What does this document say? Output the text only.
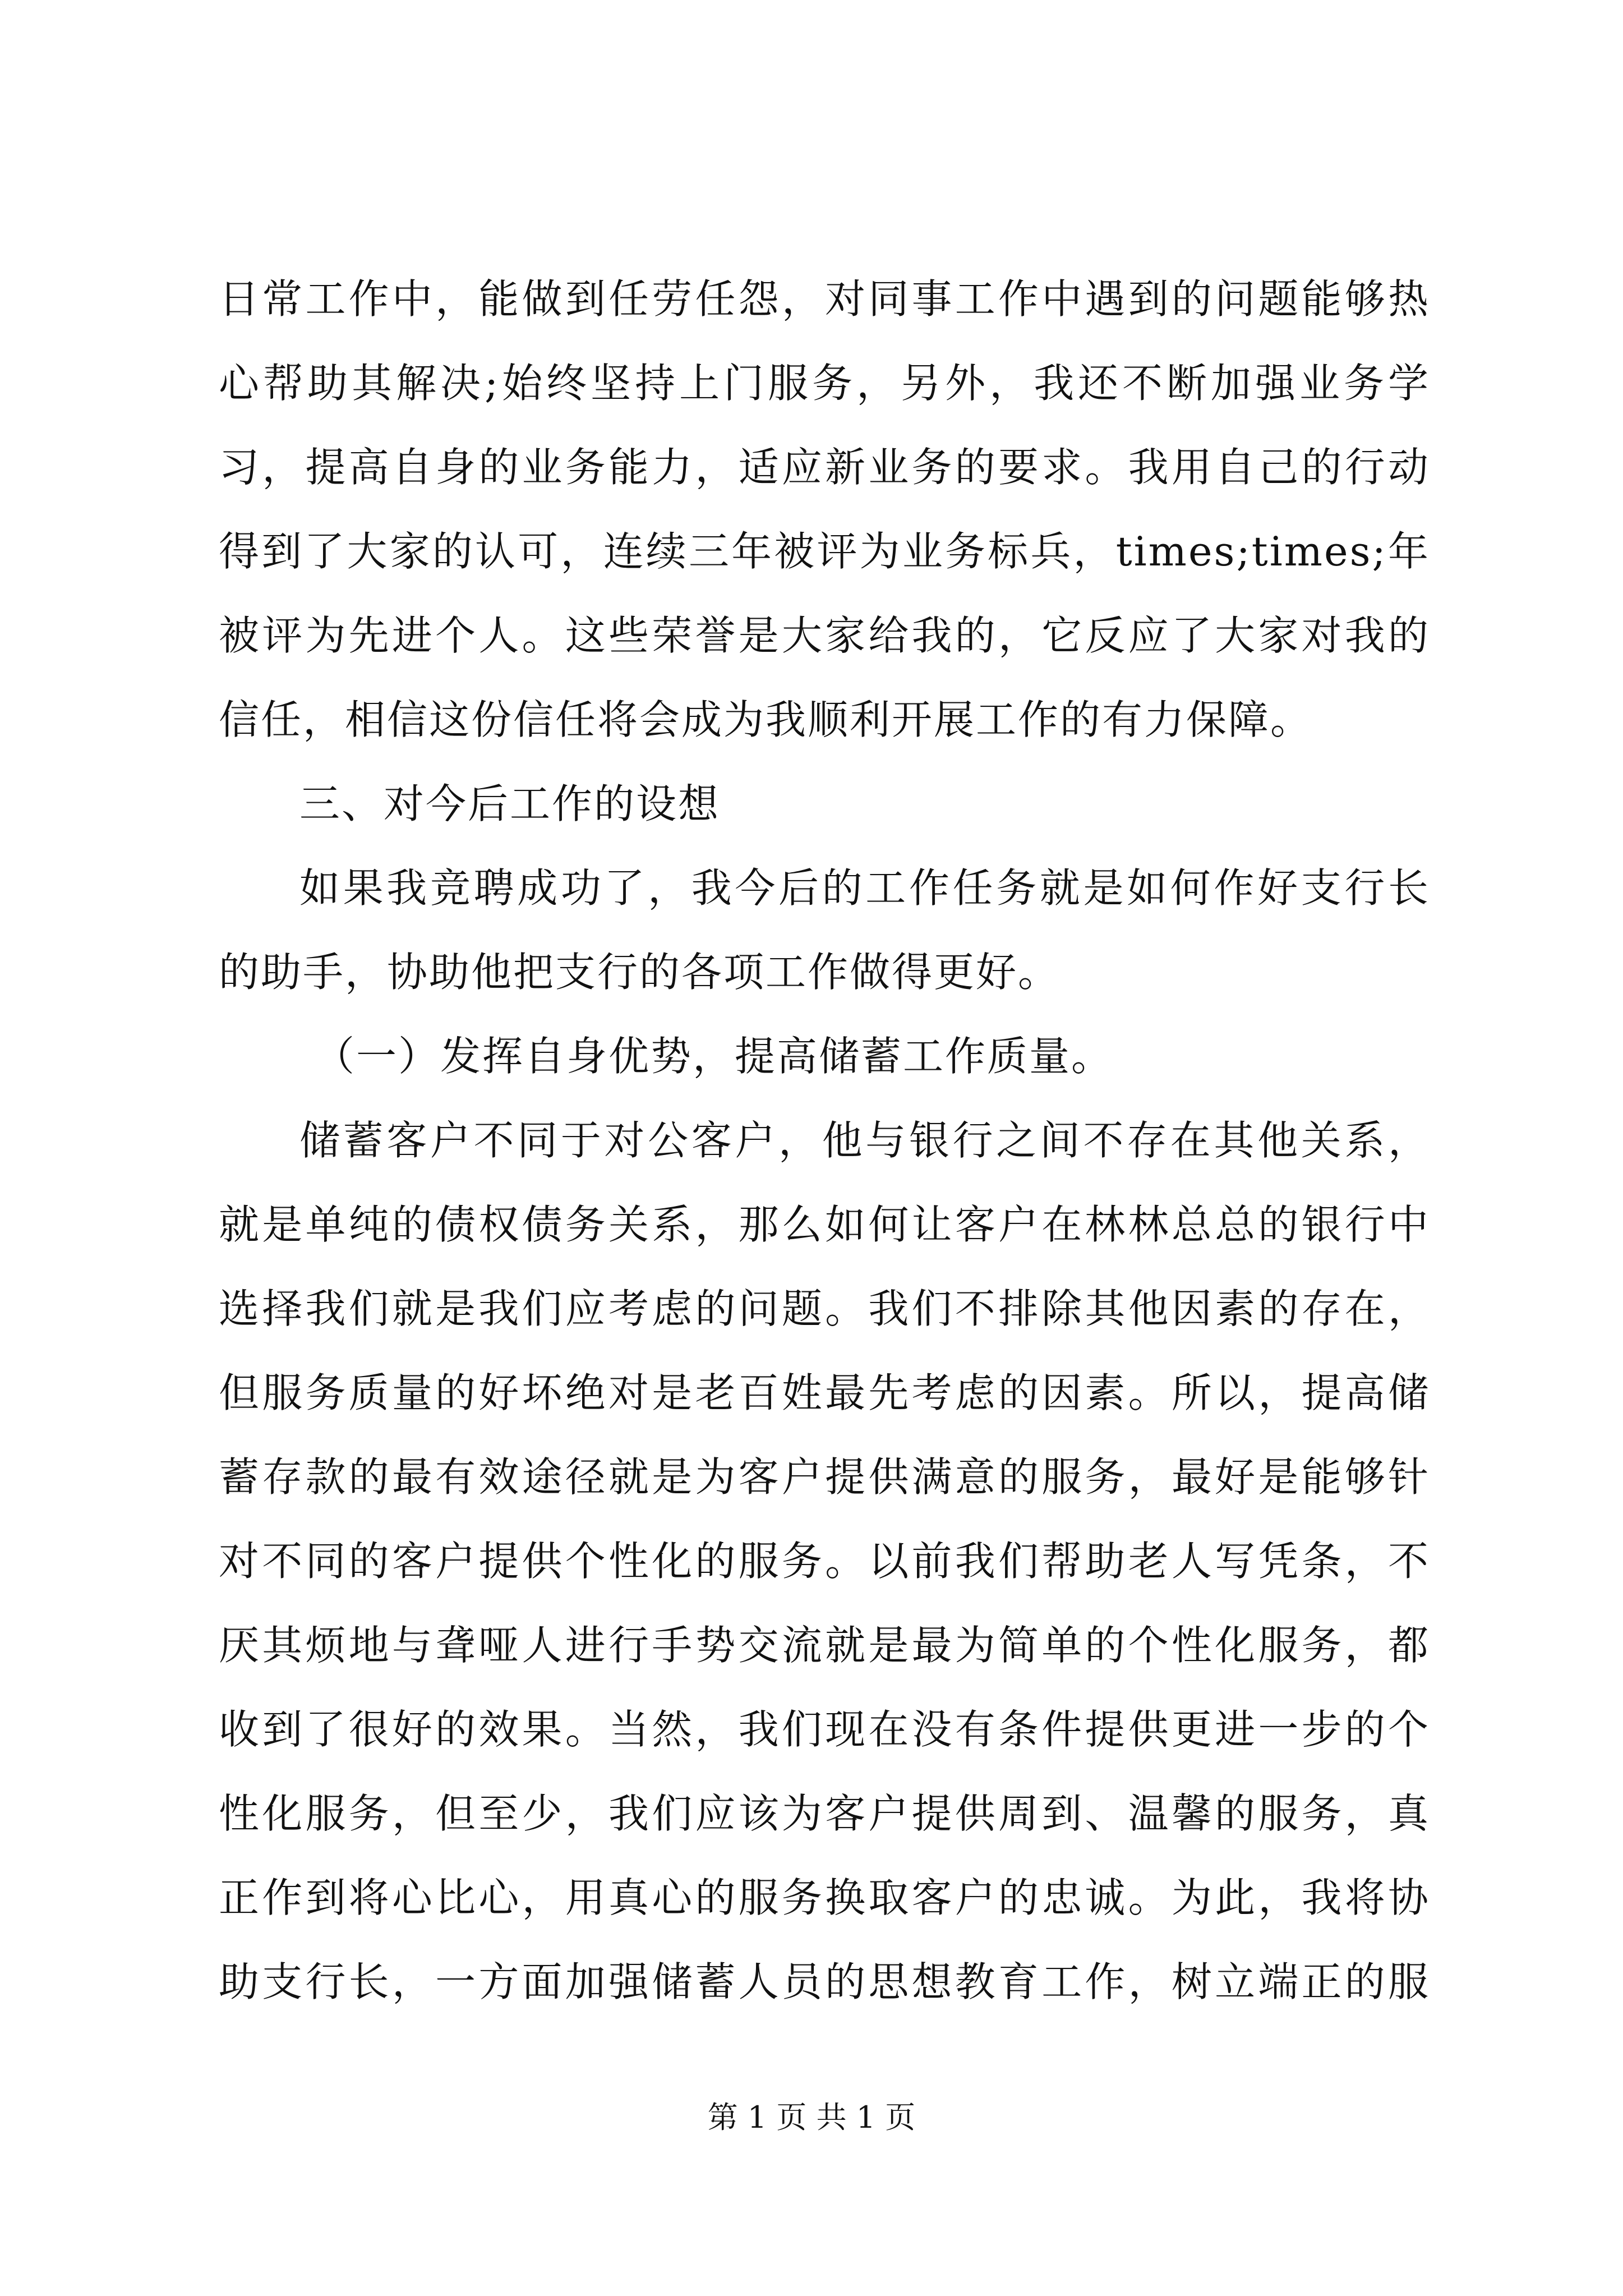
日常工作中，能做到任劳任怨，对同事工作中遇到的问题能够热
心帮助其解决;始终坚持上门服务，另外，我还不断加强业务学
习，提高自身的业务能力，适应新业务的要求。我用自己的行动
得到了大家的认可，连续三年被评为业务标兵，times;times;年
被评为先进个人。这些荣誉是大家给我的，它反应了大家对我的
信任，相信这份信任将会成为我顺利开展工作的有力保障。
三、对今后工作的设想
如果我竞聘成功了，我今后的工作任务就是如何作好支行长
的助手，协助他把支行的各项工作做得更好。
（一）发挥自身优势，提高储蓄工作质量。
储蓄客户不同于对公客户，他与银行之间不存在其他关系，
就是单纯的债权债务关系，那么如何让客户在林林总总的银行中
选择我们就是我们应考虑的问题。我们不排除其他因素的存在，
但服务质量的好坏绝对是老百姓最先考虑的因素。所以，提高储
蓄存款的最有效途径就是为客户提供满意的服务，最好是能够针
对不同的客户提供个性化的服务。以前我们帮助老人写凭条，不
厌其烦地与聋哑人进行手势交流就是最为简单的个性化服务，都
收到了很好的效果。当然，我们现在没有条件提供更进一步的个
性化服务，但至少，我们应该为客户提供周到、温馨的服务，真
正作到将心比心，用真心的服务换取客户的忠诚。为此，我将协
助支行长，一方面加强储蓄人员的思想教育工作，树立端正的服
第 1 页 共 1 页
